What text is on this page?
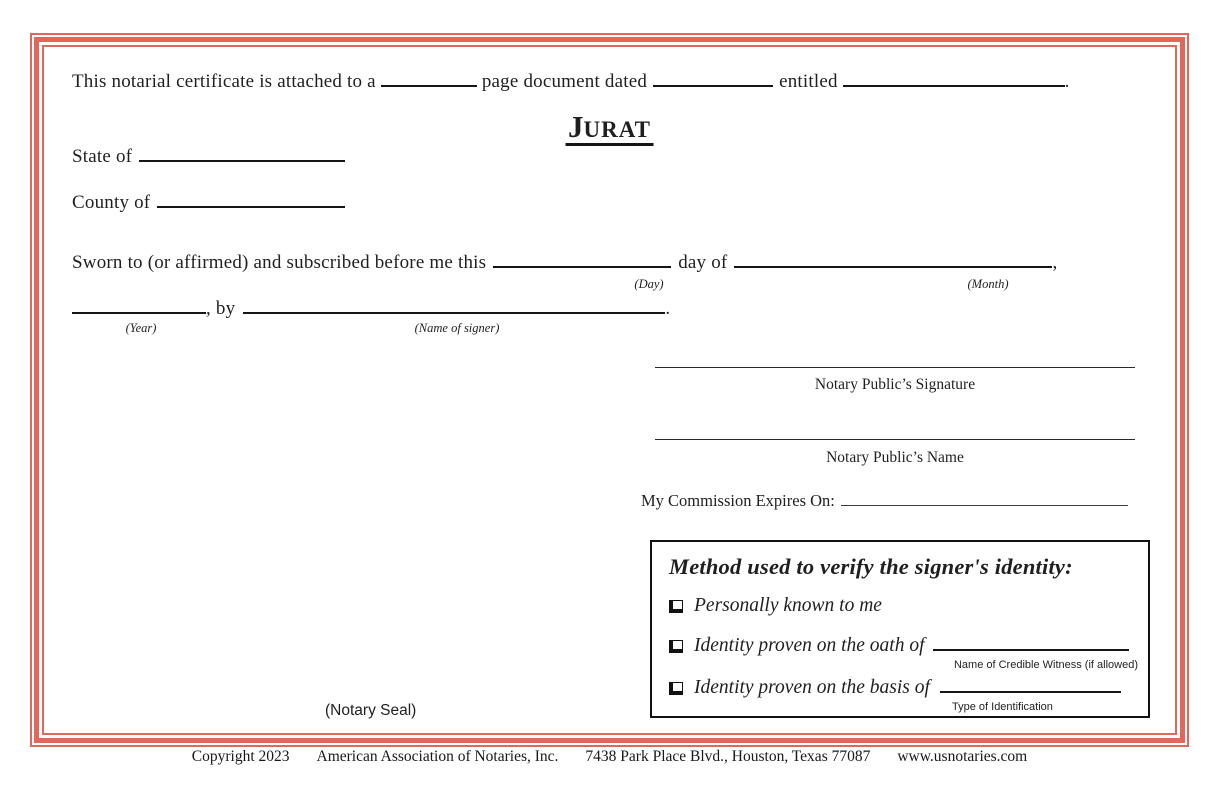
This notarial certificate is attached to a	page document dated	entitled	.
JURAT
State of
County of
Sworn to (or affirmed) and subscribed before me this	day of	,
(Day)	(Month)
, by	.
(Year)	(Name of signer)
Notary Public’s Signature
Notary Public’s Name
My Commission Expires On:
Method used to verify the signer's identity:
Personally known to me
Identity proven on the oath of
Name of Credible Witness (if allowed)
Identity proven on the basis of
Type of Identification
(Notary Seal)
Copyright 2023 American Association of Notaries, Inc. 7438 Park Place Blvd., Houston, Texas 77087 www.usnotaries.com
